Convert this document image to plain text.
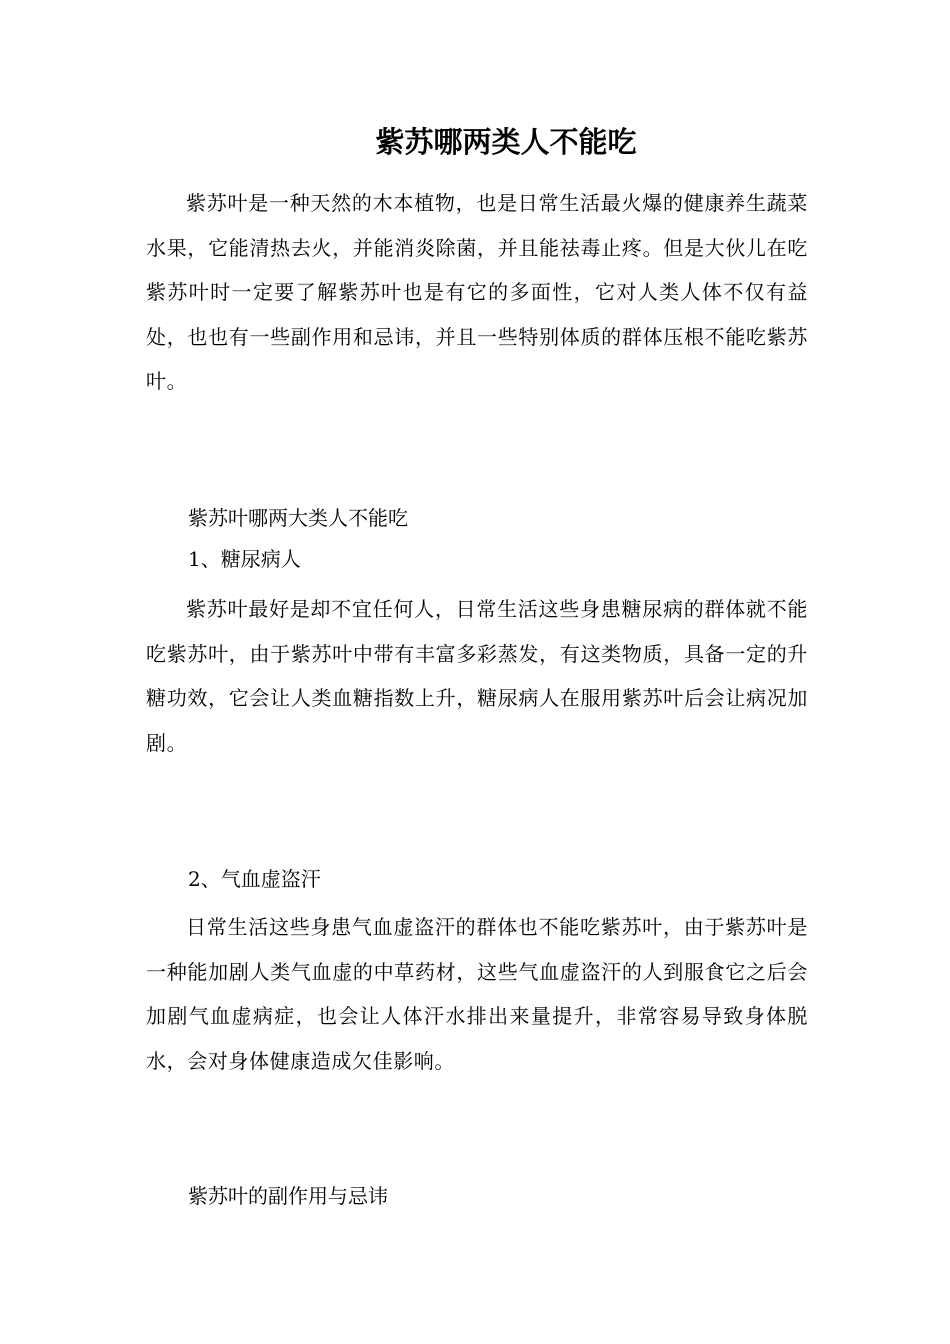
紫苏哪两类人不能吃

紫苏叶是一种天然的木本植物，也是日常生活最火爆的健康养生蔬菜水果，它能清热去火，并能消炎除菌，并且能祛毒止疼。但是大伙儿在吃紫苏叶时一定要了解紫苏叶也是有它的多面性，它对人类人体不仅有益处，也也有一些副作用和忌讳，并且一些特别体质的群体压根不能吃紫苏叶。

紫苏叶哪两大类人不能吃

1、糖尿病人

紫苏叶最好是却不宜任何人，日常生活这些身患糖尿病的群体就不能吃紫苏叶，由于紫苏叶中带有丰富多彩蒸发，有这类物质，具备一定的升糖功效，它会让人类血糖指数上升，糖尿病人在服用紫苏叶后会让病况加剧。

2、气血虚盗汗

日常生活这些身患气血虚盗汗的群体也不能吃紫苏叶，由于紫苏叶是一种能加剧人类气血虚的中草药材，这些气血虚盗汗的人到服食它之后会加剧气血虚病症，也会让人体汗水排出来量提升，非常容易导致身体脱水，会对身体健康造成欠佳影响。

紫苏叶的副作用与忌讳
